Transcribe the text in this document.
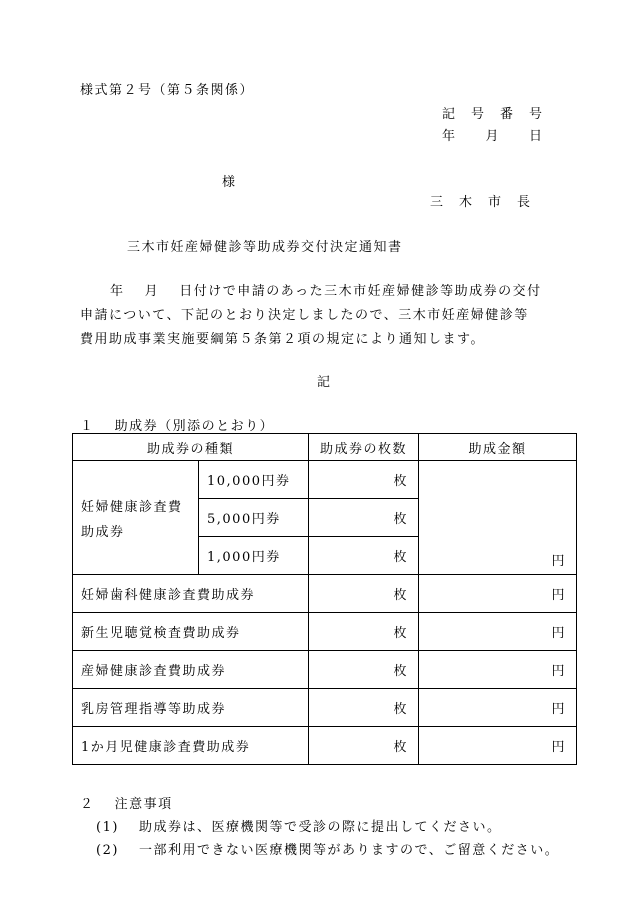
様式第２号（第５条関係）
記　号　番　号
年　　月　　日
様
三　木　市　長
三木市妊産婦健診等助成券交付決定通知書
年　 月　 日付けで申請のあった三木市妊産婦健診等助成券の交付
申請について、下記のとおり決定しましたので、三木市妊産婦健診等
費用助成事業実施要綱第５条第２項の規定により通知します。
記
１　 助成券（別添のとおり）
助成券の種類		助成券の枚数	助成金額

妊婦健康診査費
助成券	10,000円券	枚	円
	5,000円券	枚	
	1,000円券	枚	
妊婦歯科健康診査費助成券		枚	円
新生児聴覚検査費助成券		枚	円
産婦健康診査費助成券		枚	円
乳房管理指導等助成券		枚	円
1か月児健康診査費助成券		枚	円
２　 注意事項
(1)　 助成券は、医療機関等で受診の際に提出してください。
(2)　 一部利用できない医療機関等がありますので、ご留意ください。
